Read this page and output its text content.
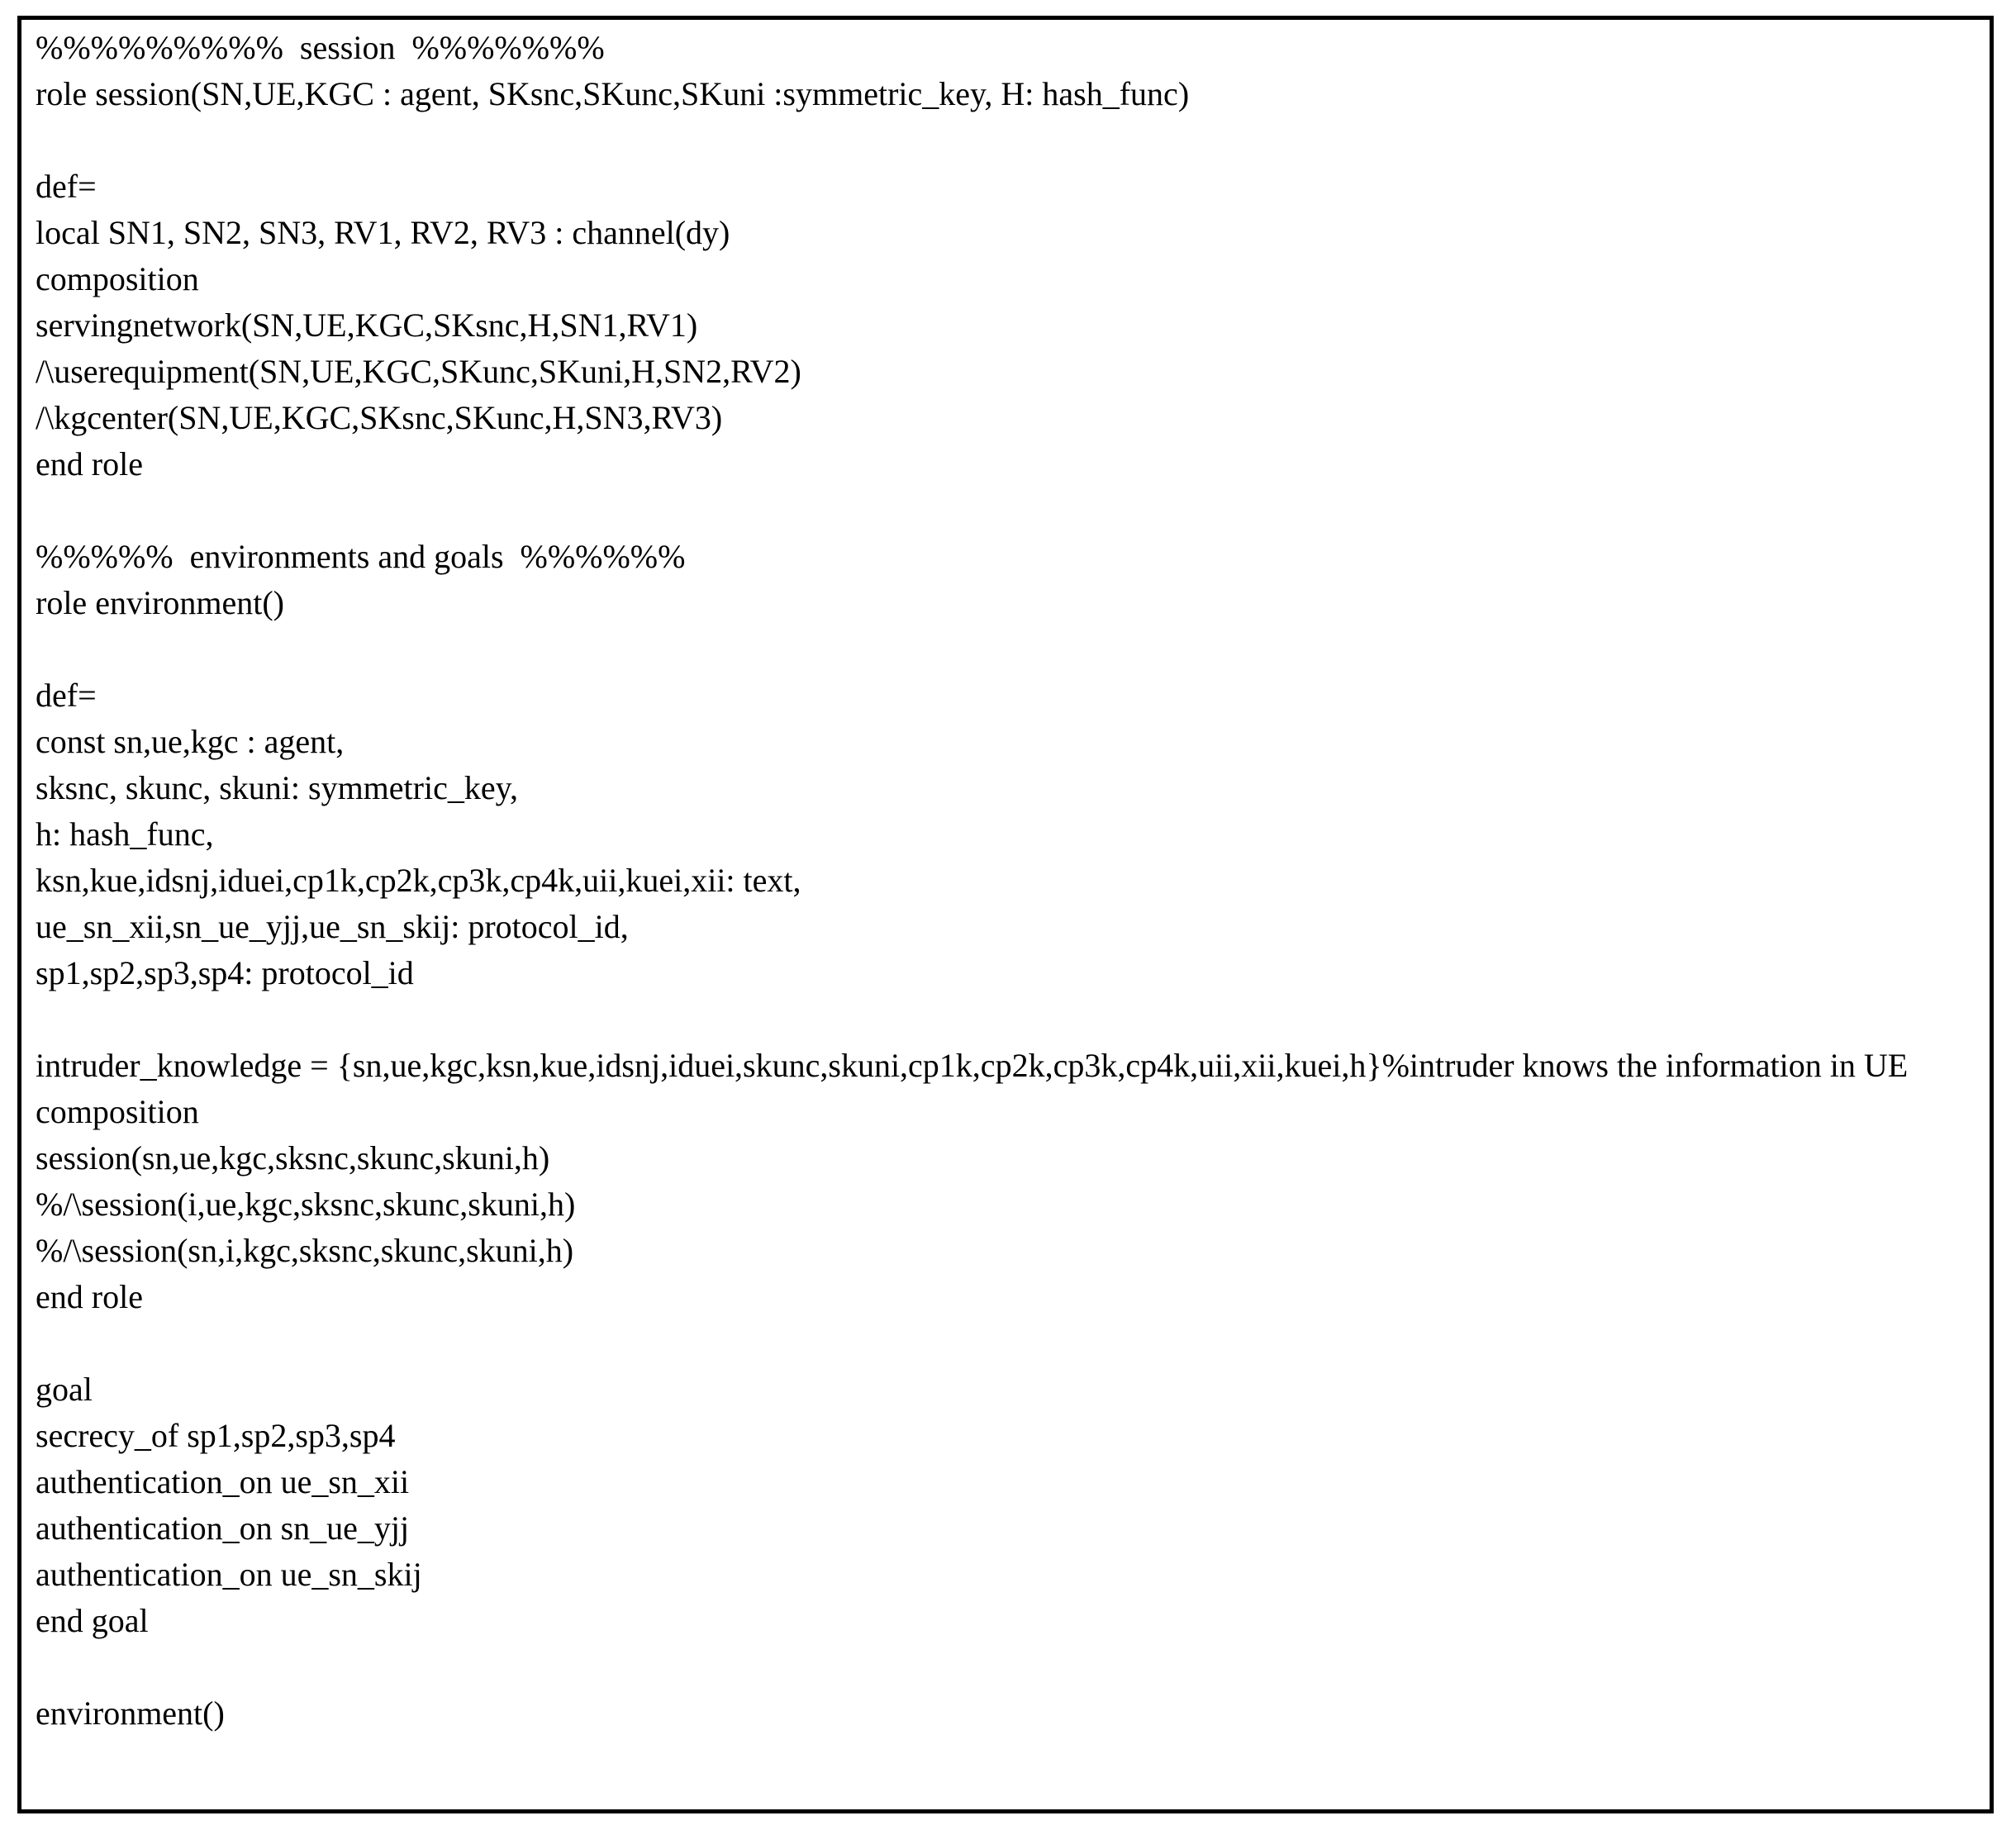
%%%%%%%%%  session  %%%%%%%
role session(SN,UE,KGC : agent, SKsnc,SKunc,SKuni :symmetric_key, H: hash_func)

def=
local SN1, SN2, SN3, RV1, RV2, RV3 : channel(dy)
composition
servingnetwork(SN,UE,KGC,SKsnc,H,SN1,RV1)
/\userequipment(SN,UE,KGC,SKunc,SKuni,H,SN2,RV2)
/\kgcenter(SN,UE,KGC,SKsnc,SKunc,H,SN3,RV3)
end role

%%%%%  environments and goals  %%%%%%
role environment()

def=
const sn,ue,kgc : agent,
sksnc, skunc, skuni: symmetric_key,
h: hash_func,
ksn,kue,idsnj,iduei,cp1k,cp2k,cp3k,cp4k,uii,kuei,xii: text,
ue_sn_xii,sn_ue_yjj,ue_sn_skij: protocol_id,
sp1,sp2,sp3,sp4: protocol_id

intruder_knowledge = {sn,ue,kgc,ksn,kue,idsnj,iduei,skunc,skuni,cp1k,cp2k,cp3k,cp4k,uii,xii,kuei,h}%intruder knows the information in UE
composition
session(sn,ue,kgc,sksnc,skunc,skuni,h)
%/\session(i,ue,kgc,sksnc,skunc,skuni,h)
%/\session(sn,i,kgc,sksnc,skunc,skuni,h)
end role

goal
secrecy_of sp1,sp2,sp3,sp4
authentication_on ue_sn_xii
authentication_on sn_ue_yjj
authentication_on ue_sn_skij
end goal

environment()
